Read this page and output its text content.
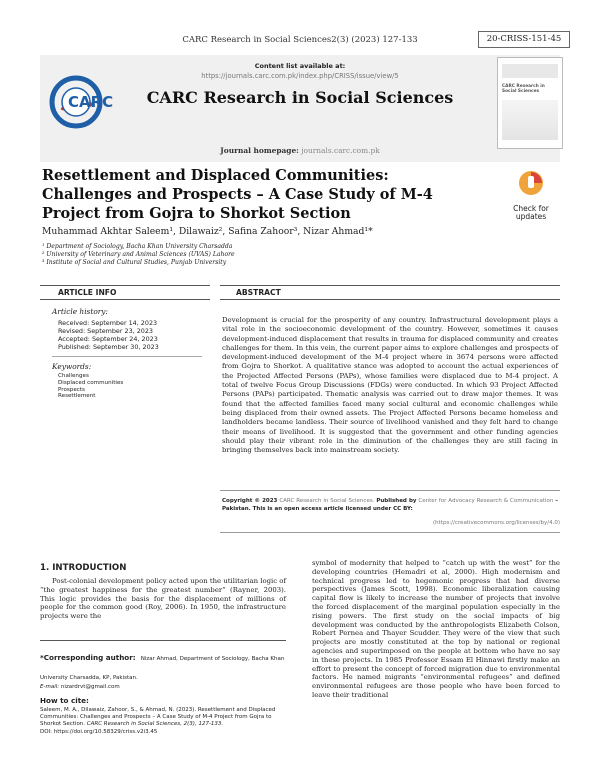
CARC Research in Social Sciences2(3) (2023) 127-133	20-CRISS-151-45
CARC
CARC Research in Social Sciences
Content list available at:
https://journals.carc.com.pk/index.php/CRISS/issue/view/5
CARC Research in Social Sciences
Journal homepage: journals.carc.com.pk
Resettlement and Displaced Communities:
Challenges and Prospects – A Case Study of M-4
Project from Gojra to Shorkot Section	Check for
updates
Muhammad Akhtar Saleem¹, Dilawaiz², Safina Zahoor³, Nizar Ahmad¹*
¹ Department of Sociology, Bacha Khan University Charsadda
² University of Veterinary and Animal Sciences (UVAS) Lahore
³ Institute of Social and Cultural Studies, Punjab University
ARTICLE INFO
Article history:
Received: September 14, 2023
Revised: September 23, 2023
Accepted: September 24, 2023
Published: September 30, 2023
Keywords:
Challenges
Displaced communities
Prospects
Resettlement
ABSTRACT
Development is crucial for the prosperity of any country. Infrastructural development plays a vital role in the socioeconomic development of the country. However, sometimes it causes development-induced displacement that results in trauma for displaced community and creates challenges for them. In this vein, the current paper aims to explore challenges and prospects of development-induced development of the M-4 project where in 3674 persons were affected from Gojra to Shorkot. A qualitative stance was adopted to account the actual experiences of the Projected Affected Persons (PAPs), whose families were displaced due to M-4 project. A total of twelve Focus Group Discussions (FDGs) were conducted. In which 93 Project Affected Persons (PAPs) participated. Thematic analysis was carried out to draw major themes. It was found that the affected families faced many social cultural and economic challenges while being displaced from their owned assets. The Project Affected Persons became homeless and landholders became landless. Their source of livelihood vanished and they felt hard to change their means of livelihood. It is suggested that the government and other funding agencies should play their vibrant role in the diminution of the challenges they are still facing in bringing themselves back into mainstream society.
Copyright © 2023 CARC Research in Social Sciences. Published by Center for Advocacy Research & Communication – Pakistan. This is an open access article licensed under CC BY:
(https://creativecommons.org/licenses/by/4.0)
1. INTRODUCTION
Post-colonial development policy acted upon the utilitarian logic of “the greatest happiness for the greatest number” (Rayner, 2003). This logic provides the basis for the displacement of millions of people for the common good (Roy, 2006). In 1950, the infrastructure projects were the
symbol of modernity that helped to “catch up with the west” for the developing countries (Hemadri et al, 2000). High modernism and technical progress led to hegemonic progress that had diverse perspectives (James Scott, 1998). Economic liberalization causing capital flow is likely to increase the number of projects that involve the forced displacement of the marginal population especially in the rising powers. The first study on the social impacts of big development was conducted by the anthropologists Elizabeth Colson, Robert Pernea and Thayer Scudder. They were of the view that such projects are mostly constituted at the top by national or regional agencies and superimposed on the people at bottom who have no say in these projects. In 1985 Professor Essam El Hinnawi firstly make an effort to present the concept of forced migration due to environmental factors. He named migrants “environmental refugees” and defined environmental refugees are those people who have been forced to leave their traditional
*Corresponding author: Nizar Ahmad, Department of Sociology, Bacha Khan University Charsadda, KP, Pakistan.
E-mail: nizardrvt@gmail.com
How to cite:
Saleem, M. A., Dilawaiz, Zahoor, S., & Ahmad, N. (2023). Resettlement and Displaced Communities: Challenges and Prospects – A Case Study of M-4 Project from Gojra to Shorkot Section. CARC Research in Social Sciences, 2(3), 127-133.
DOI: https://doi.org/10.58329/criss.v2i3.45
